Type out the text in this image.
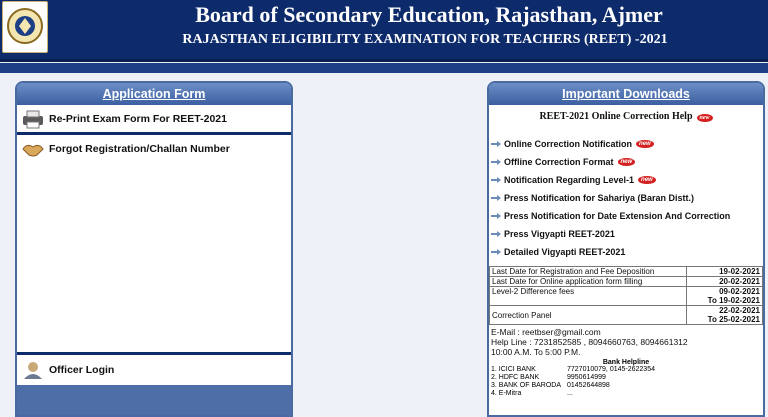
Board of Secondary Education, Rajasthan, Ajmer
RAJASTHAN ELIGIBILITY EXAMINATION FOR TEACHERS (REET) -2021
Application Form
Re-Print Exam Form For REET-2021
Forgot Registration/Challan Number
Officer Login
Important Downloads
REET-2021 Online Correction Help new
Online Correction Notification	new
Offline Correction Format	new
Notification Regarding Level-1	new
Press Notification for Sahariya (Baran Distt.)
Press Notification for Date Extension And Correction
Press Vigyapti REET-2021
Detailed Vigyapti REET-2021
Last Date for Registration and Fee Deposition	19-02-2021
Last Date for Online application form filling	20-02-2021
Level-2 Difference fees	09-02-2021
To 19-02-2021

Correction Panel	22-02-2021
To 25-02-2021
E-Mail : reetbser@gmail.com
Help Line : 7231852585 , 8094660763, 8094661312
10:00 A.M. To 5:00 P.M.
Bank Helpline
1. ICICI BANK	7727010079, 0145-2622354
2. HDFC BANK	9950614999
3. BANK OF BARODA 01452644898
4. E-Mitra	...
